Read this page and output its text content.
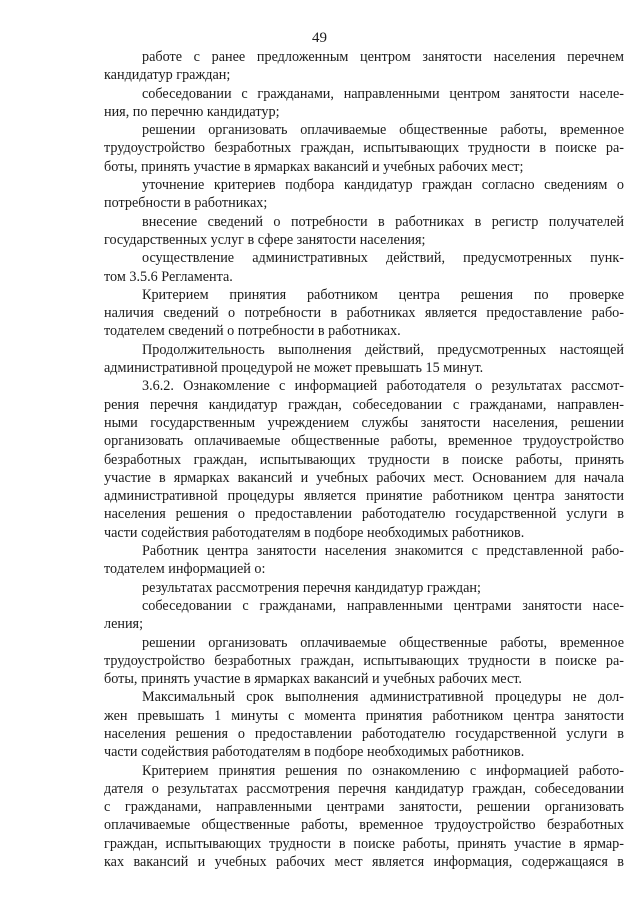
49
работе с ранее предложенным центром занятости населения перечнем
кандидатур граждан;
собеседовании с гражданами, направленными центром занятости населе-
ния, по перечню кандидатур;
решении организовать оплачиваемые общественные работы, временное
трудоустройство безработных граждан, испытывающих трудности в поиске ра-
боты, принять участие в ярмарках вакансий и учебных рабочих мест;
уточнение критериев подбора кандидатур граждан согласно сведениям о
потребности в работниках;
внесение сведений о потребности в работниках в регистр получателей
государственных услуг в сфере занятости населения;
осуществление административных действий, предусмотренных пунк-
том 3.5.6 Регламента.
Критерием принятия работником центра решения по проверке
наличия сведений о потребности в работниках является предоставление рабо-
тодателем сведений о потребности в работниках.
Продолжительность выполнения действий, предусмотренных настоящей
административной процедурой не может превышать 15 минут.
3.6.2. Ознакомление с информацией работодателя о результатах рассмот-
рения перечня кандидатур граждан, собеседовании с гражданами, направлен-
ными государственным учреждением службы занятости населения, решении
организовать оплачиваемые общественные работы, временное трудоустройство
безработных граждан, испытывающих трудности в поиске работы, принять
участие в ярмарках вакансий и учебных рабочих мест. Основанием для начала
административной процедуры является принятие работником центра занятости
населения решения о предоставлении работодателю государственной услуги в
части содействия работодателям в подборе необходимых работников.
Работник центра занятости населения знакомится с представленной рабо-
тодателем информацией о:
результатах рассмотрения перечня кандидатур граждан;
собеседовании с гражданами, направленными центрами занятости насе-
ления;
решении организовать оплачиваемые общественные работы, временное
трудоустройство безработных граждан, испытывающих трудности в поиске ра-
боты, принять участие в ярмарках вакансий и учебных рабочих мест.
Максимальный срок выполнения административной процедуры не дол-
жен превышать 1 минуты с момента принятия работником центра занятости
населения решения о предоставлении работодателю государственной услуги в
части содействия работодателям в подборе необходимых работников.
Критерием принятия решения по ознакомлению с информацией работо-
дателя о результатах рассмотрения перечня кандидатур граждан, собеседовании
с гражданами, направленными центрами занятости, решении организовать
оплачиваемые общественные работы, временное трудоустройство безработных
граждан, испытывающих трудности в поиске работы, принять участие в ярмар-
ках вакансий и учебных рабочих мест является информация, содержащаяся в
